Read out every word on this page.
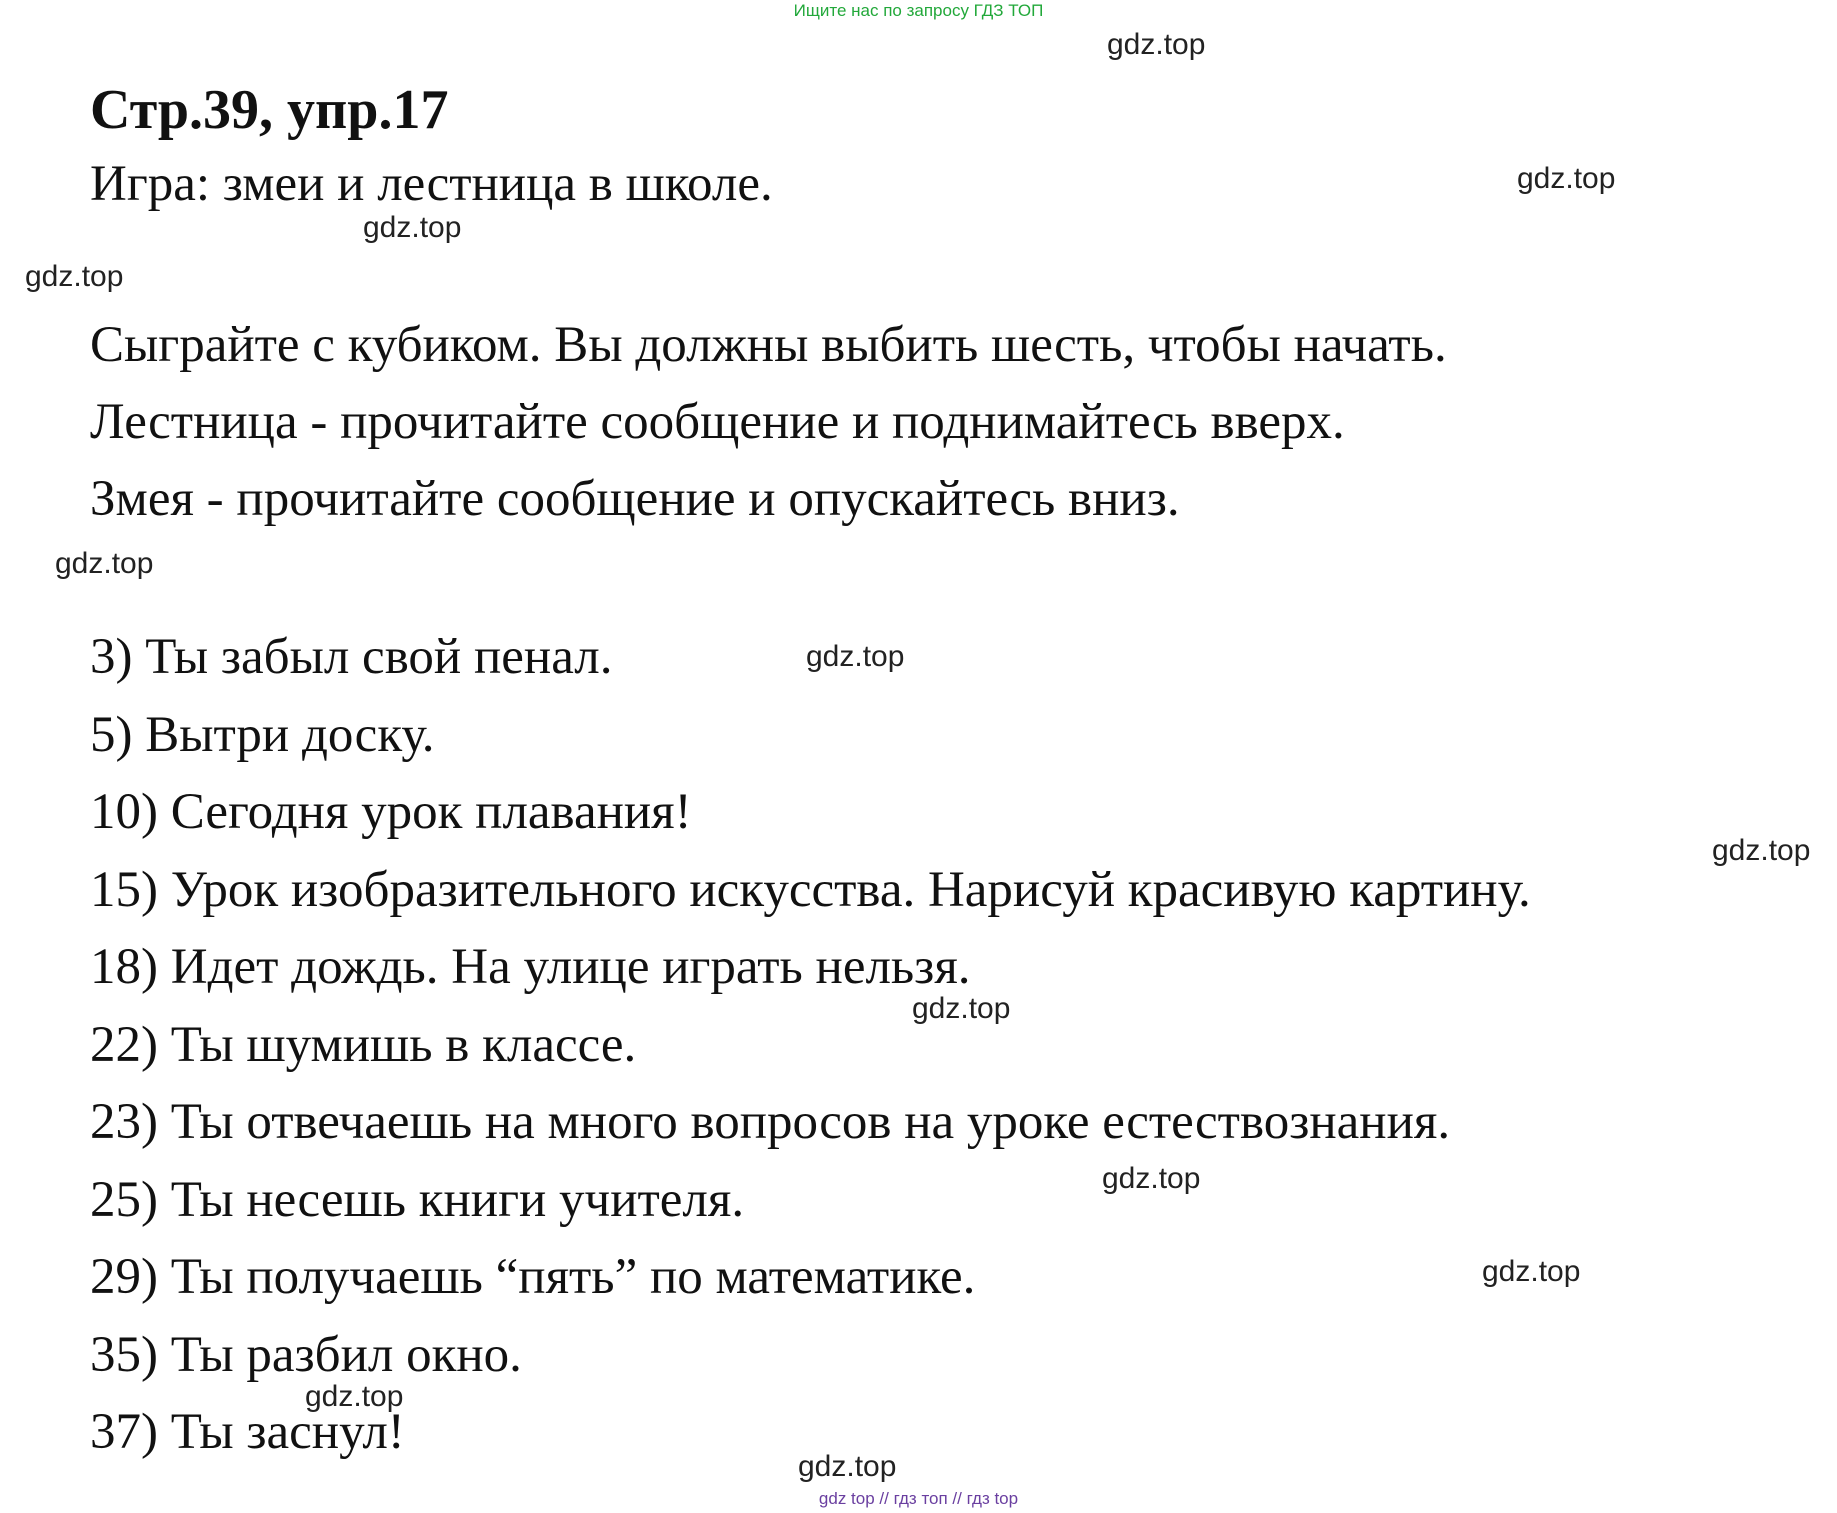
Ищите нас по запросу ГДЗ ТОП
Стр.39, упр.17
Игра: змеи и лестница в школе.
Сыграйте с кубиком. Вы должны выбить шесть, чтобы начать.
Лестница - прочитайте сообщение и поднимайтесь вверх.
Змея - прочитайте сообщение и опускайтесь вниз.
3) Ты забыл свой пенал.
5) Вытри доску.
10) Сегодня урок плавания!
15) Урок изобразительного искусства. Нарисуй красивую картину.
18) Идет дождь. На улице играть нельзя.
22) Ты шумишь в классе.
23) Ты отвечаешь на много вопросов на уроке естествознания.
25) Ты несешь книги учителя.
29) Ты получаешь “пять” по математике.
35) Ты разбил окно.
37) Ты заснул!
gdz.top
gdz.top
gdz.top
gdz.top
gdz.top
gdz.top
gdz.top
gdz.top
gdz.top
gdz.top
gdz.top
gdz.top
gdz top // гдз топ // гдз top
